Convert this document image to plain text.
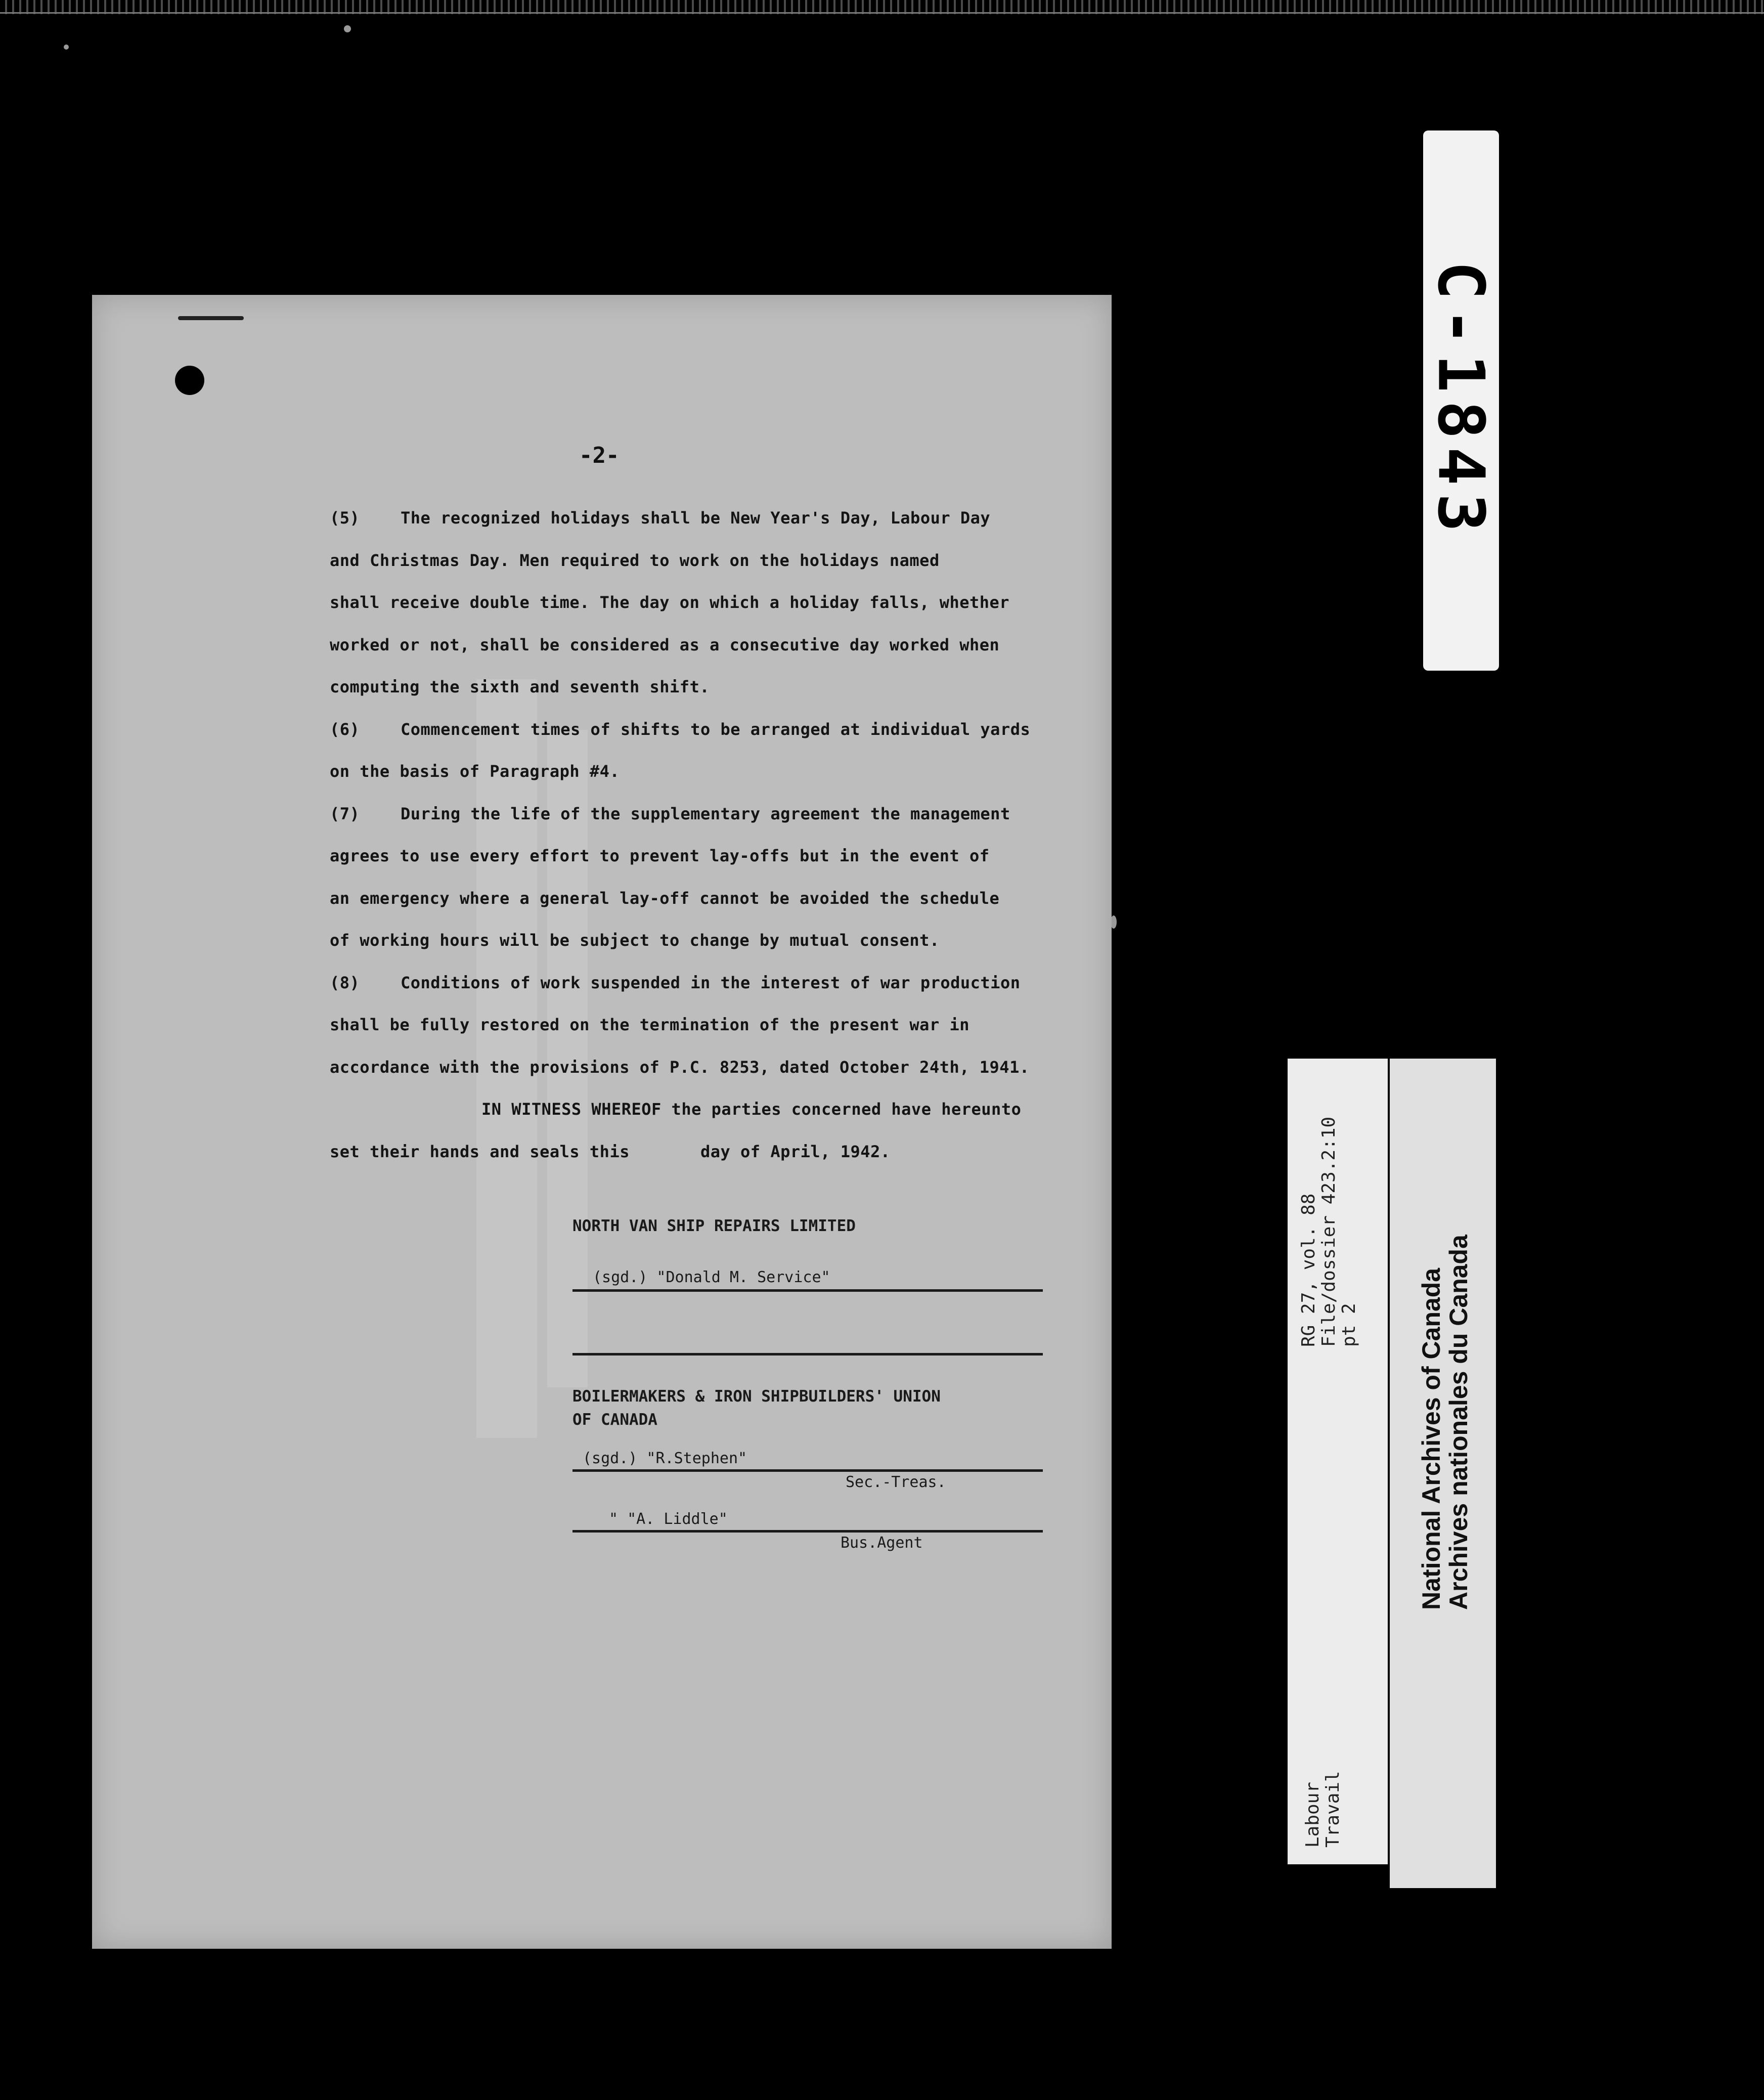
-2-

(5)	The recognized holidays shall be New Year's Day, Labour Day
and Christmas Day. Men required to work on the holidays named
shall receive double time. The day on which a holiday falls, whether
worked or not, shall be considered as a consecutive day worked when
computing the sixth and seventh shift.

(6)	Commencement times of shifts to be arranged at individual yards
on the basis of Paragraph #4.

(7)	During the life of the supplementary agreement the management
agrees to use every effort to prevent lay-offs but in the event of
an emergency where a general lay-off cannot be avoided the schedule
of working hours will be subject to change by mutual consent.

(8)	Conditions of work suspended in the interest of war production
shall be fully restored on the termination of the present war in
accordance with the provisions of P.C. 8253, dated October 24th, 1941.

IN WITNESS WHEREOF the parties concerned have hereunto
set their hands and seals this	day of April, 1942.

NORTH VAN SHIP REPAIRS LIMITED
(sgd.) "Donald M. Service"
BOILERMAKERS & IRON SHIPBUILDERS' UNION
OF CANADA
(sgd.) "R.Stephen"
Sec.-Treas.
" "A. Liddle"
Bus.Agent
C-1843
RG 27, vol. 88
File/dossier 423.2:10
pt 2
Labour
Travail
National Archives of Canada
Archives nationales du Canada
